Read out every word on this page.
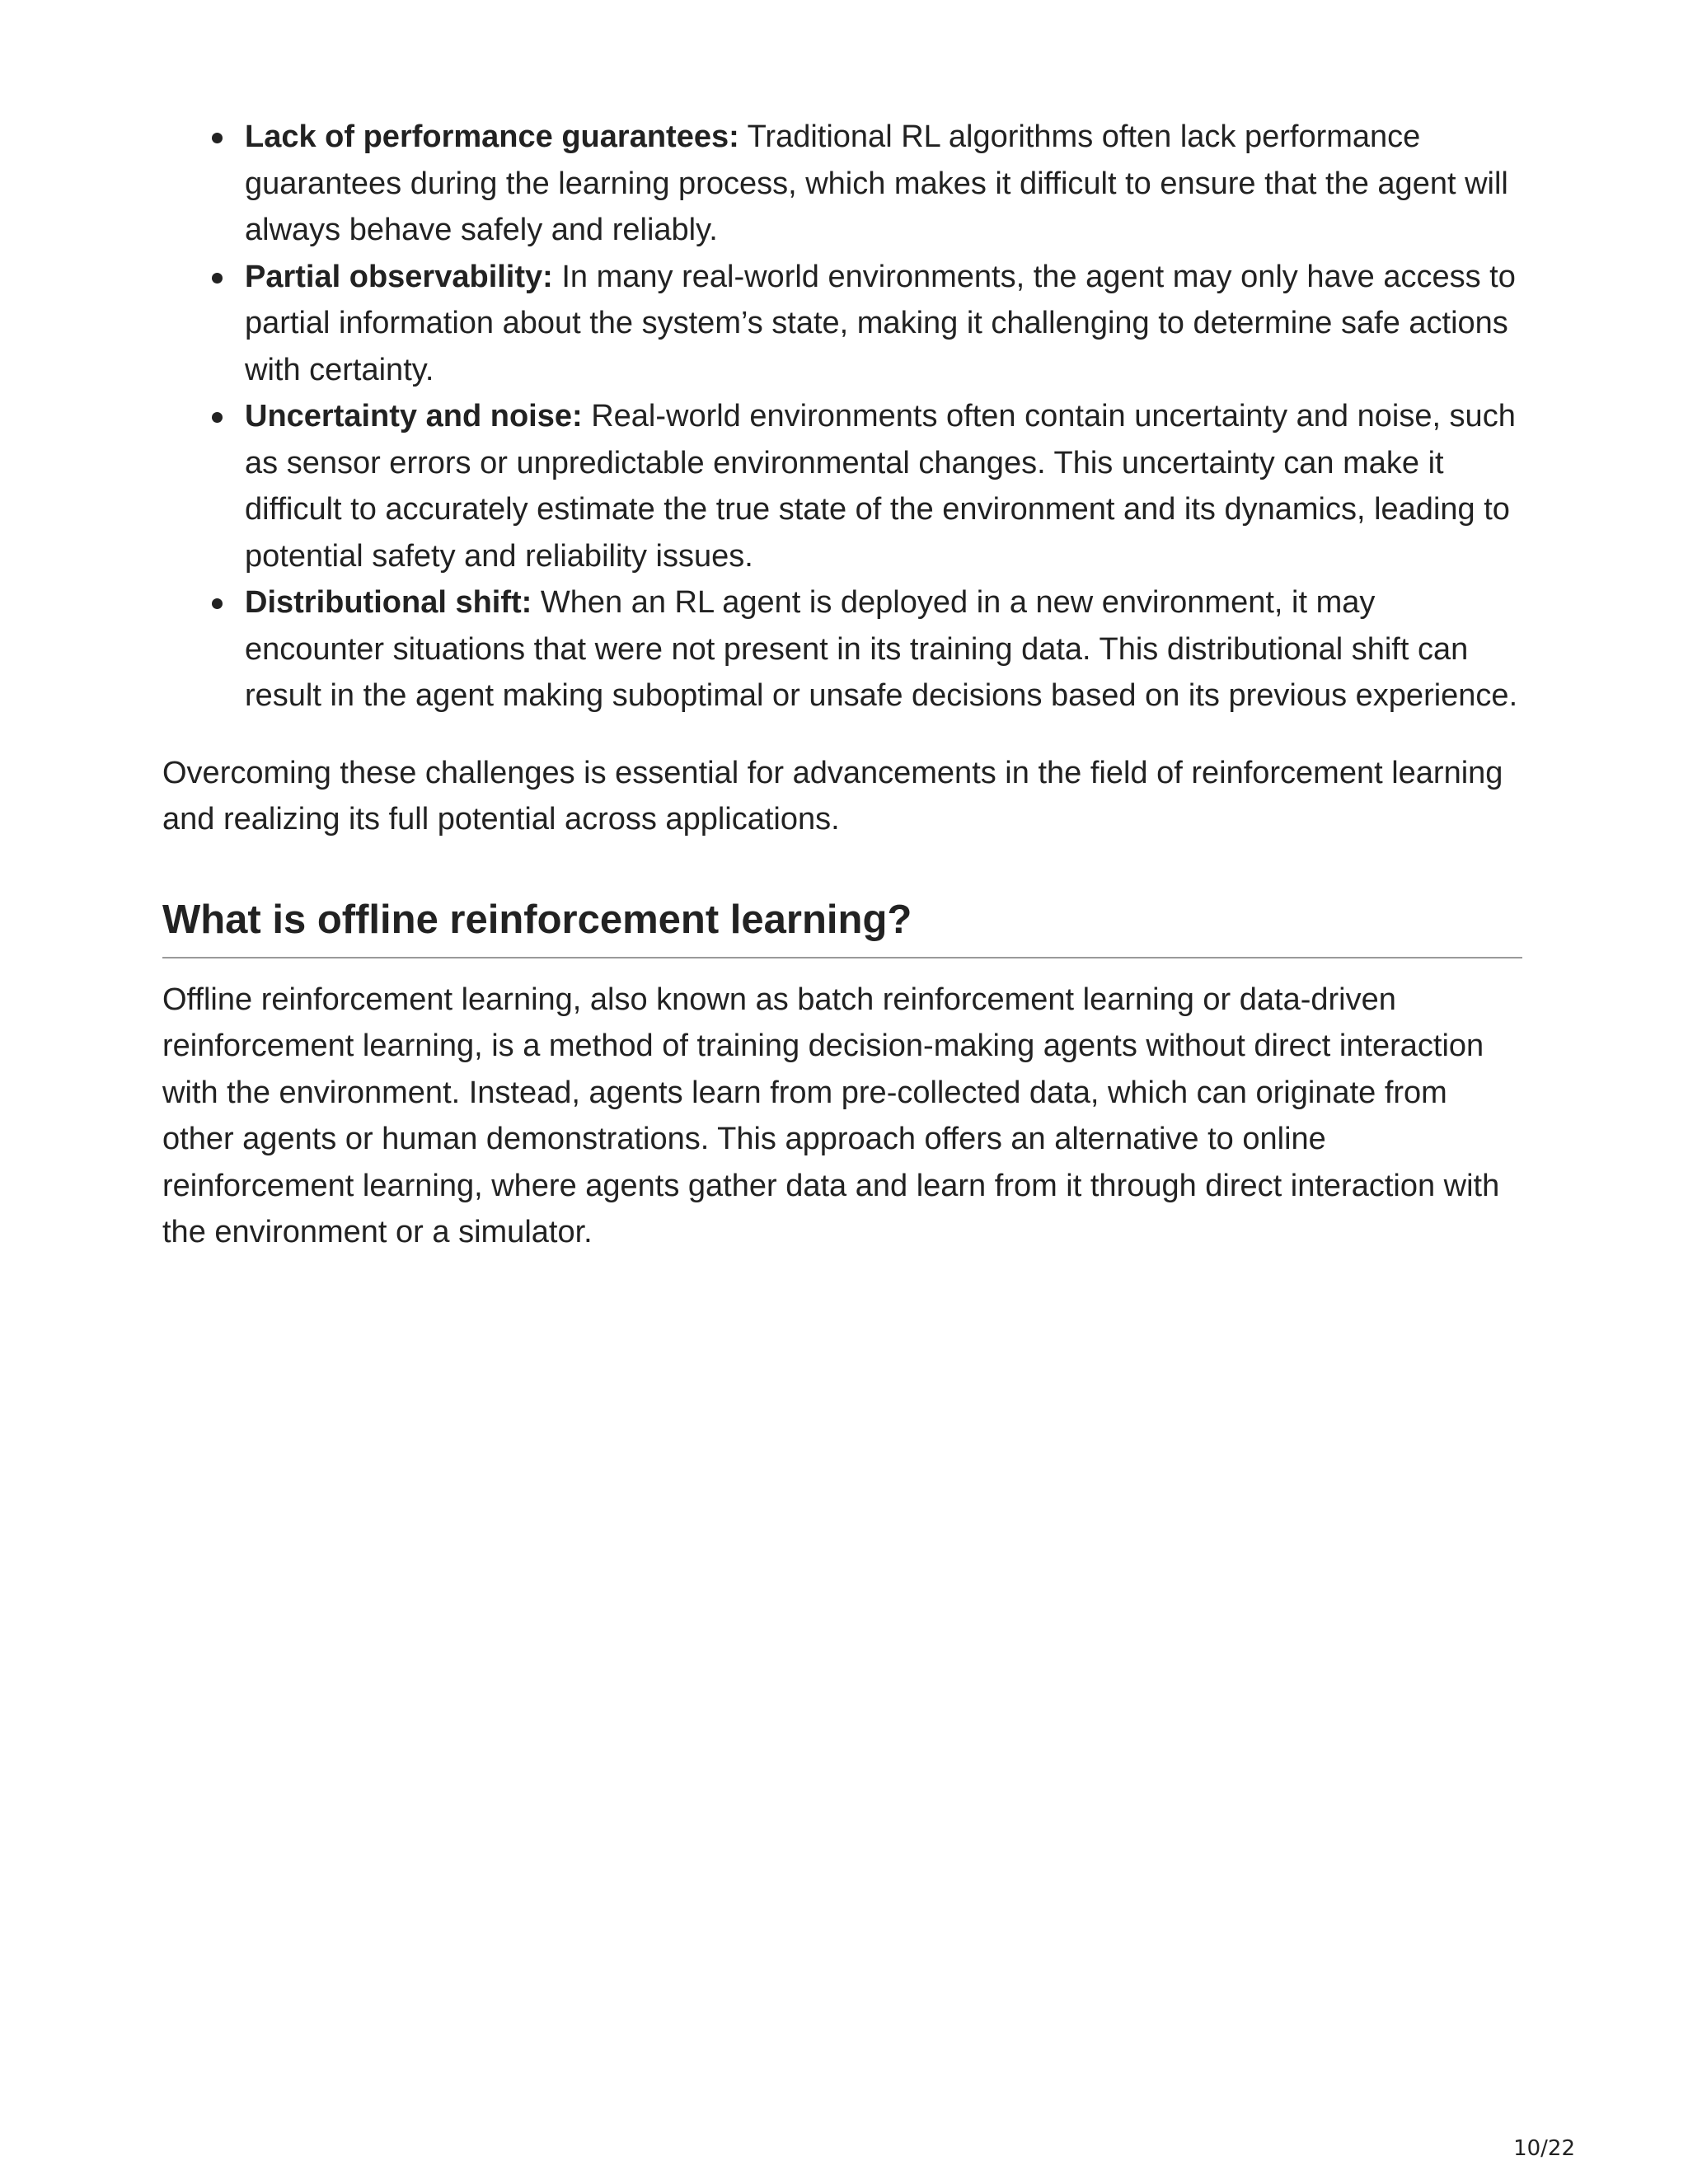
Lack of performance guarantees: Traditional RL algorithms often lack performance guarantees during the learning process, which makes it difficult to ensure that the agent will always behave safely and reliably.
Partial observability: In many real-world environments, the agent may only have access to partial information about the system’s state, making it challenging to determine safe actions with certainty.
Uncertainty and noise: Real-world environments often contain uncertainty and noise, such as sensor errors or unpredictable environmental changes. This uncertainty can make it difficult to accurately estimate the true state of the environment and its dynamics, leading to potential safety and reliability issues.
Distributional shift: When an RL agent is deployed in a new environment, it may encounter situations that were not present in its training data. This distributional shift can result in the agent making suboptimal or unsafe decisions based on its previous experience.

Overcoming these challenges is essential for advancements in the field of reinforcement learning and realizing its full potential across applications.

What is offline reinforcement learning?

Offline reinforcement learning, also known as batch reinforcement learning or data-driven reinforcement learning, is a method of training decision-making agents without direct interaction with the environment. Instead, agents learn from pre-collected data, which can originate from other agents or human demonstrations. This approach offers an alternative to online reinforcement learning, where agents gather data and learn from it through direct interaction with the environment or a simulator.

10/22
